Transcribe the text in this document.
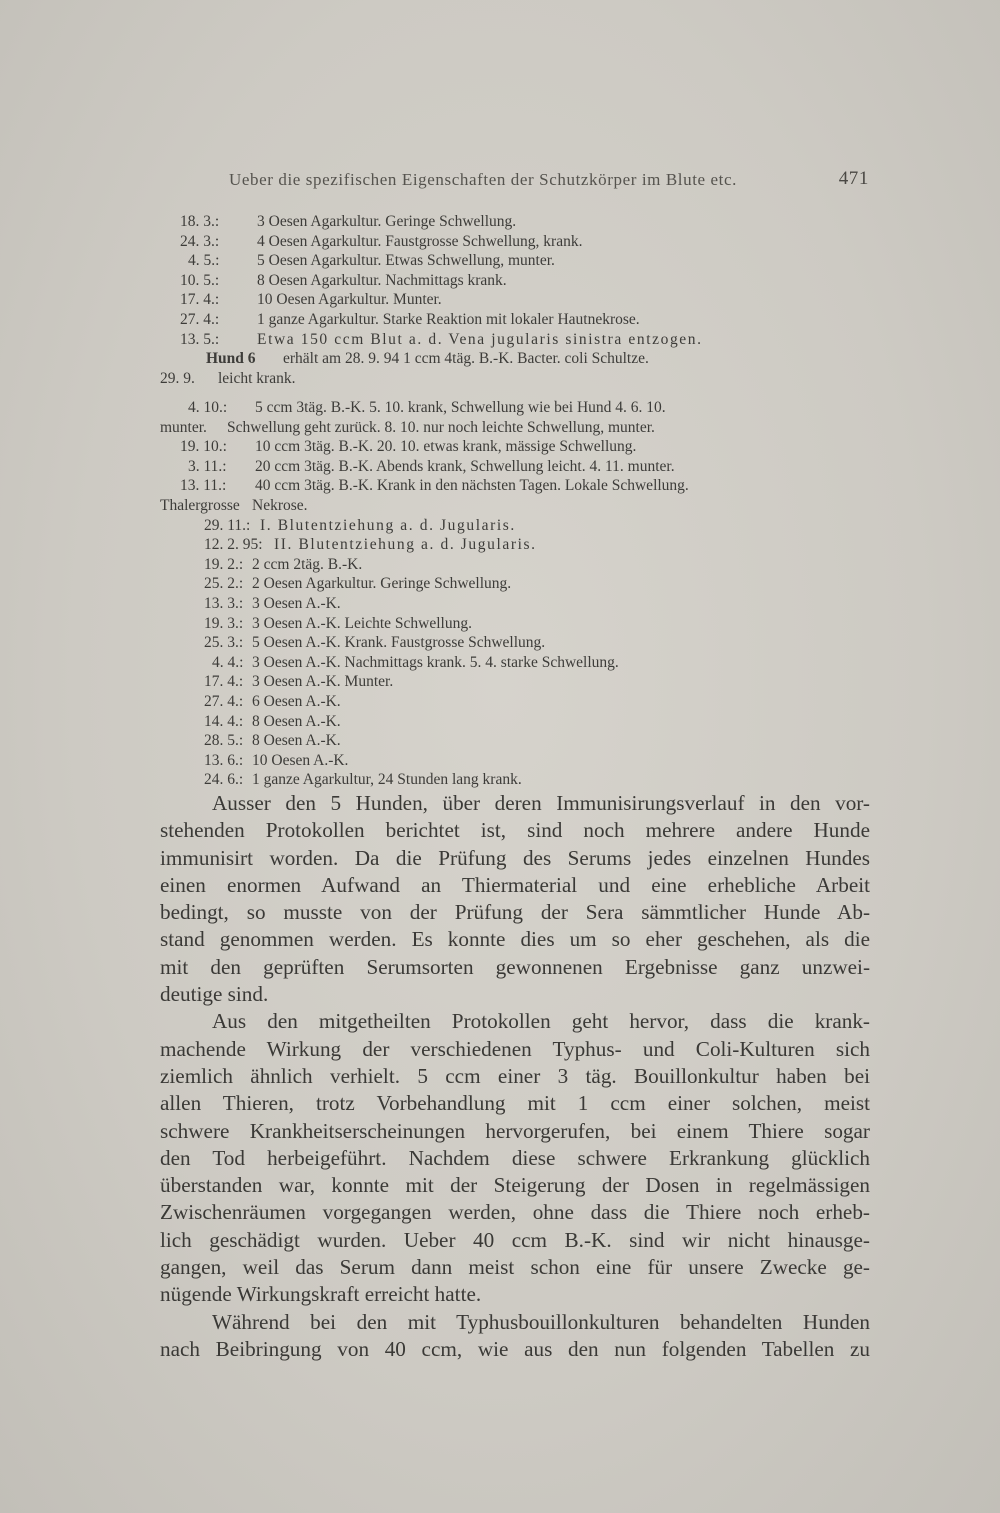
Ueber die spezifischen Eigenschaften der Schutzkörper im Blute etc.	471
18. 3.: 3 Oesen Agarkultur. Geringe Schwellung.
24. 3.: 4 Oesen Agarkultur. Faustgrosse Schwellung, krank.
4. 5.: 5 Oesen Agarkultur. Etwas Schwellung, munter.
10. 5.: 8 Oesen Agarkultur. Nachmittags krank.
17. 4.: 10 Oesen Agarkultur. Munter.
27. 4.: 1 ganze Agarkultur. Starke Reaktion mit lokaler Hautnekrose.
13. 5.: Etwa 150 ccm Blut a. d. Vena jugularis sinistra entzogen.
Hund 6 erhält am 28. 9. 94 1 ccm 4täg. B.-K. Bacter. coli Schultze.
29. 9. leicht krank.
4. 10.: 5 ccm 3täg. B.-K. 5. 10. krank, Schwellung wie bei Hund 4. 6. 10.
munter. Schwellung geht zurück. 8. 10. nur noch leichte Schwellung, munter.
19. 10.: 10 ccm 3täg. B.-K. 20. 10. etwas krank, mässige Schwellung.
3. 11.: 20 ccm 3täg. B.-K. Abends krank, Schwellung leicht. 4. 11. munter.
13. 11.: 40 ccm 3täg. B.-K. Krank in den nächsten Tagen. Lokale Schwellung.
Thalergrosse Nekrose.
29. 11.: I. Blutentziehung a. d. Jugularis.
12. 2. 95: II. Blutentziehung a. d. Jugularis.
19. 2.: 2 ccm 2täg. B.-K.
25. 2.: 2 Oesen Agarkultur. Geringe Schwellung.
13. 3.: 3 Oesen A.-K.
19. 3.: 3 Oesen A.-K. Leichte Schwellung.
25. 3.: 5 Oesen A.-K. Krank. Faustgrosse Schwellung.
4. 4.: 3 Oesen A.-K. Nachmittags krank. 5. 4. starke Schwellung.
17. 4.: 3 Oesen A.-K. Munter.
27. 4.: 6 Oesen A.-K.
14. 4.: 8 Oesen A.-K.
28. 5.: 8 Oesen A.-K.
13. 6.: 10 Oesen A.-K.
24. 6.: 1 ganze Agarkultur, 24 Stunden lang krank.

Ausser den 5 Hunden, über deren Immunisirungsverlauf in den vor-
stehenden Protokollen berichtet ist, sind noch mehrere andere Hunde
immunisirt worden. Da die Prüfung des Serums jedes einzelnen Hundes
einen enormen Aufwand an Thiermaterial und eine erhebliche Arbeit
bedingt, so musste von der Prüfung der Sera sämmtlicher Hunde Ab-
stand genommen werden. Es konnte dies um so eher geschehen, als die
mit den geprüften Serumsorten gewonnenen Ergebnisse ganz unzwei-
deutige sind.

Aus den mitgetheilten Protokollen geht hervor, dass die krank-
machende Wirkung der verschiedenen Typhus- und Coli-Kulturen sich
ziemlich ähnlich verhielt. 5 ccm einer 3 täg. Bouillonkultur haben bei
allen Thieren, trotz Vorbehandlung mit 1 ccm einer solchen, meist
schwere Krankheitserscheinungen hervorgerufen, bei einem Thiere sogar
den Tod herbeigeführt. Nachdem diese schwere Erkrankung glücklich
überstanden war, konnte mit der Steigerung der Dosen in regelmässigen
Zwischenräumen vorgegangen werden, ohne dass die Thiere noch erheb-
lich geschädigt wurden. Ueber 40 ccm B.-K. sind wir nicht hinausge-
gangen, weil das Serum dann meist schon eine für unsere Zwecke ge-
nügende Wirkungskraft erreicht hatte.

Während bei den mit Typhusbouillonkulturen behandelten Hunden
nach Beibringung von 40 ccm, wie aus den nun folgenden Tabellen zu
